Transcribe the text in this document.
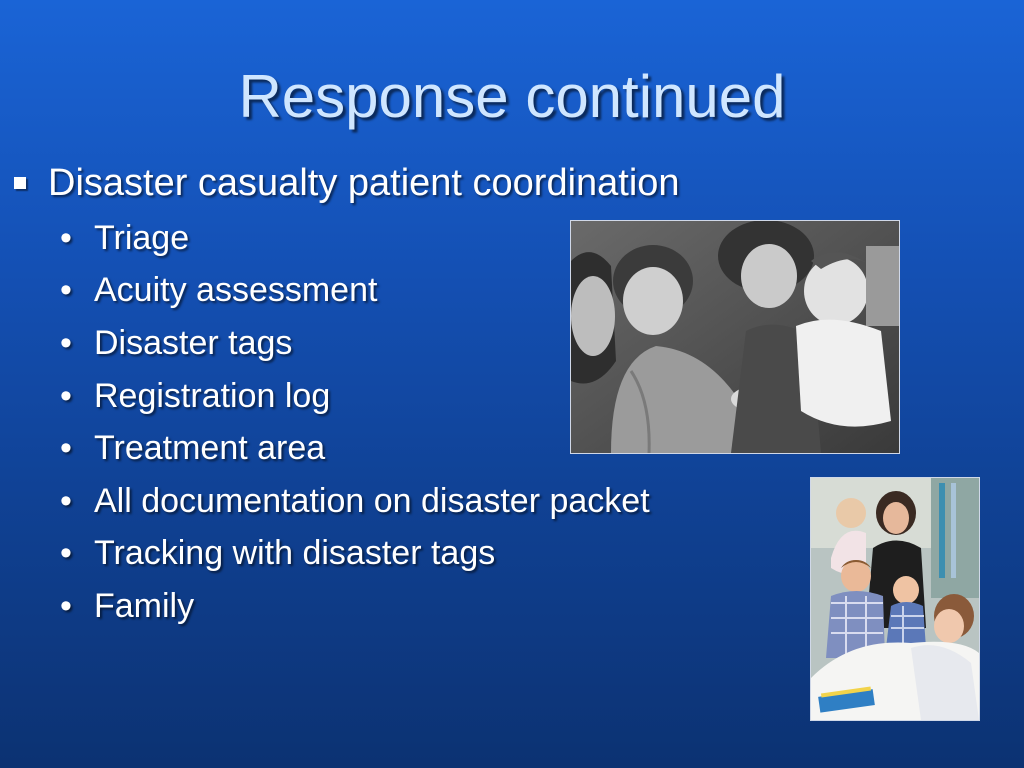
Response continued
Disaster casualty patient coordination
• Triage
• Acuity assessment
• Disaster tags
• Registration log
• Treatment area
• All documentation on disaster packet
• Tracking with disaster tags
• Family
